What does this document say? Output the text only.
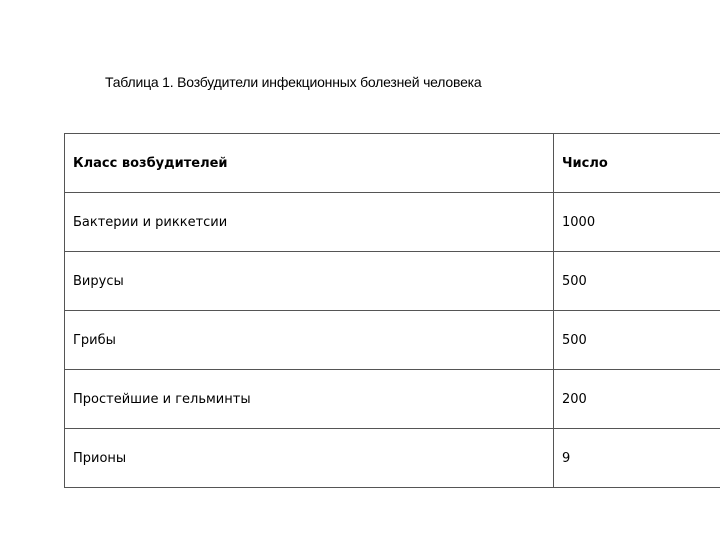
Таблица 1. Возбудители инфекционных болезней человека
Класс возбудителей	Число
Бактерии и риккетсии	1000
Вирусы	500
Грибы	500
Простейшие и гельминты	200
Прионы	9
